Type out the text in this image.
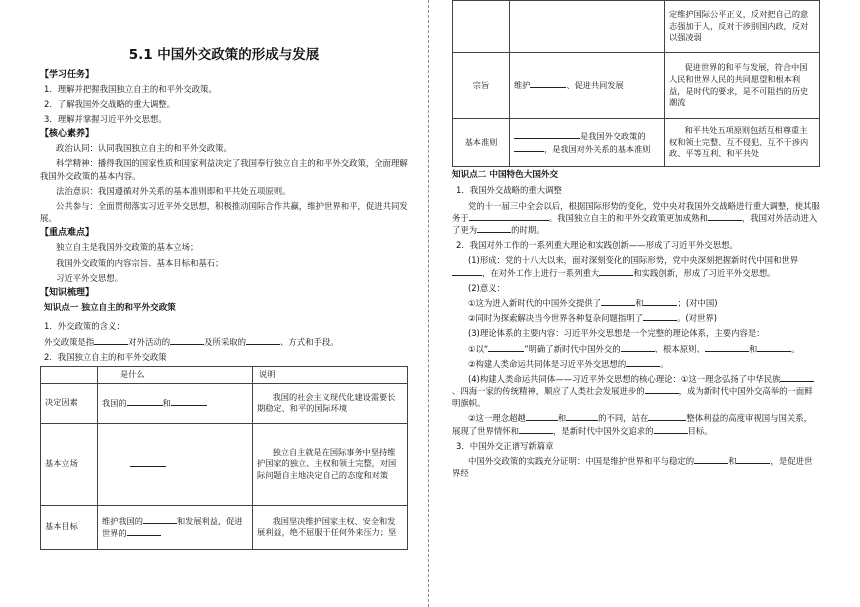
5.1 中国外交政策的形成与发展
【学习任务】
1．理解并把握我国独立自主的和平外交政策。
2．了解我国外交战略的重大调整。
3．理解并掌握习近平外交思想。
【核心素养】
政治认同：认同我国独立自主的和平外交政策。
科学精神：播得我国的国家性质和国家利益决定了我国奉行独立自主的和平外交政策，全面理解我国外交政策的基本内容。
法治意识：我国遵循对外关系的基本准则即和平共处五项原则。
公共参与：全面贯彻落实习近平外交思想，积极推动国际合作共赢，维护世界和平，促进共同发展。
【重点难点】
独立自主是我国外交政策的基本立场；
我国外交政策的内容宗旨、基本目标和基石；
习近平外交思想。
【知识梳理】
知识点一 独立自主的和平外交政策
1．外交政策的含义：
外交政策是指	对外活动的	及所采取的	、方式和手段。
2．我国独立自主的和平外交政策
	是什么	说明
决定因素	我国的 和	我国的社会主义现代化建设需要长期稳定、和平的国际环境
基本立场		独立自主就是在国际事务中坚持维护国家的独立、主权和领土完整，对国际问题自主地决定自己的态度和对策
基本目标	维护我国的 和发展利益，促进世界的	我国坚决维护国家主权、安全和发展利益，绝不屈服于任何外来压力；坚
		定维护国际公平正义，反对把自己的意志强加于人，反对干涉别国内政，反对以强凌弱
宗旨	维护 、促进共同发展	促进世界的和平与发展，符合中国人民和世界人民的共同愿望和根本利益，是时代的要求，是不可阻挡的历史潮流
基本准则	是我国外交政策的，是我国对外关系的基本准则	和平共处五项原则包括互相尊重主权和领土完整、互不侵犯、互不干涉内政、平等互利、和平共处
知识点二 中国特色大国外交
1．我国外交战略的重大调整
党的十一届三中全会以后，根据国际形势的变化，党中央对我国外交战略进行重大调整，使其服务于	。我国独立自主的和平外交政策更加成熟和	，我国对外活动进入了更为	的时期。
2．我国对外工作的一系列重大理论和实践创新——形成了习近平外交思想。
(1)形成：党的十八大以来，面对深刻变化的国际形势，党中央深刻把握新时代中国和世界，在对外工作上进行一系列重大	和实践创新，形成了习近平外交思想。
(2)意义：
①这为进入新时代的中国外交提供了	和	；(对中国)
②同时为探索解决当今世界各种复杂问题指明了	。(对世界)
(3)理论体系的主要内容：习近平外交思想是一个完整的理论体系，主要内容是：
①以“	”明确了新时代中国外交的	、根本原则、	和	。
②构建人类命运共同体是习近平外交思想的	。
(4)构建人类命运共同体——习近平外交思想的核心理论：①这一理念弘扬了中华民族、四海一家的传统精神，顺应了人类社会发展进步的	，成为新时代中国外交高举的一面鲜明旗帜。
②这一理念超越	和	的不同，站在	整体利益的高度审视国与国关系，展现了世界情怀和	，是新时代中国外交追求的	目标。
3．中国外交正谱写新篇章
中国外交政策的实践充分证明：中国是维护世界和平与稳定的	和	，是促进世界经
